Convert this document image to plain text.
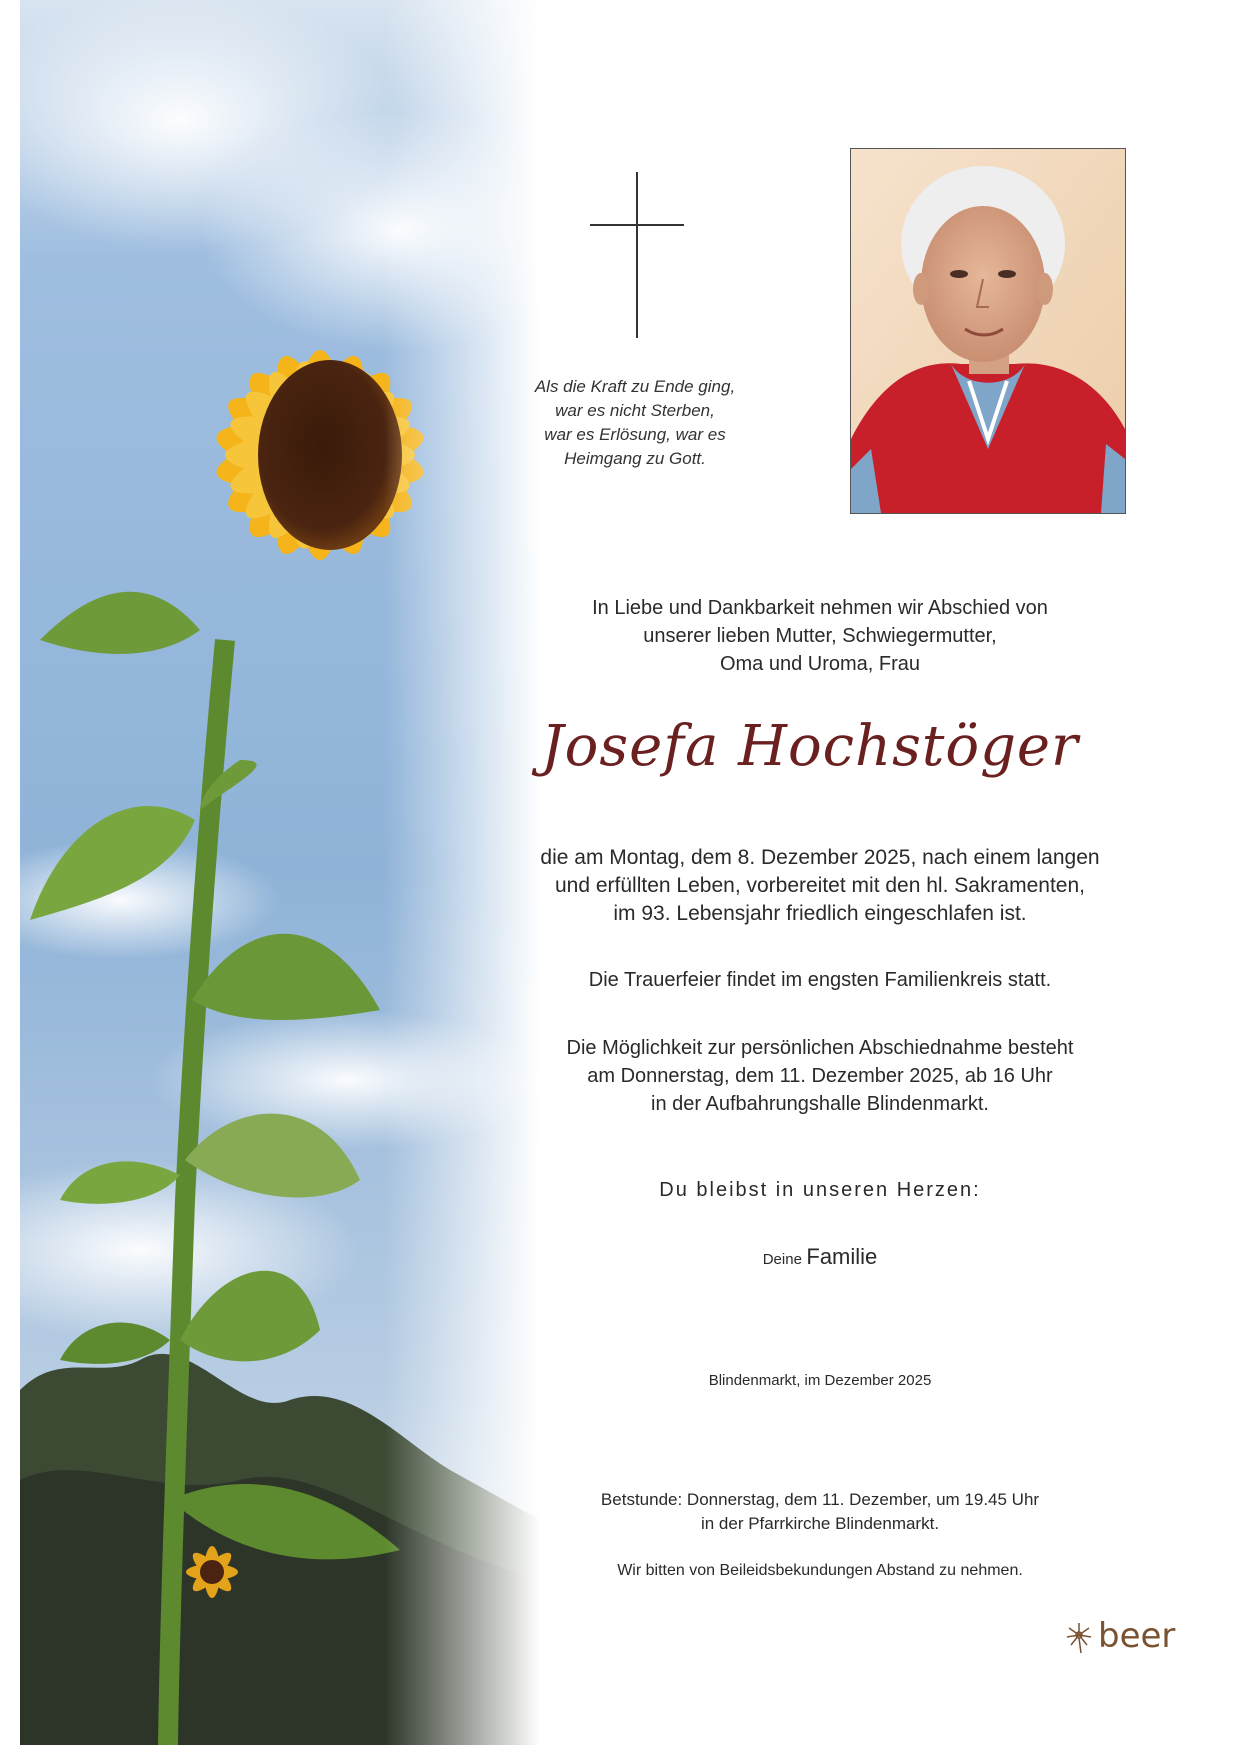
Als die Kraft zu Ende ging,
war es nicht Sterben,
war es Erlösung, war es
Heimgang zu Gott.
In Liebe und Dankbarkeit nehmen wir Abschied von
unserer lieben Mutter, Schwiegermutter,
Oma und Uroma, Frau
Josefa Hochstöger
die am Montag, dem 8. Dezember 2025, nach einem langen
und erfüllten Leben, vorbereitet mit den hl. Sakramenten,
im 93. Lebensjahr friedlich eingeschlafen ist.
Die Trauerfeier findet im engsten Familienkreis statt.
Die Möglichkeit zur persönlichen Abschiednahme besteht
am Donnerstag, dem 11. Dezember 2025, ab 16 Uhr
in der Aufbahrungshalle Blindenmarkt.
Du bleibst in unseren Herzen:
Deine Familie
Blindenmarkt, im Dezember 2025
Betstunde: Donnerstag, dem 11. Dezember, um 19.45 Uhr
in der Pfarrkirche Blindenmarkt.
Wir bitten von Beileidsbekundungen Abstand zu nehmen.
beer
